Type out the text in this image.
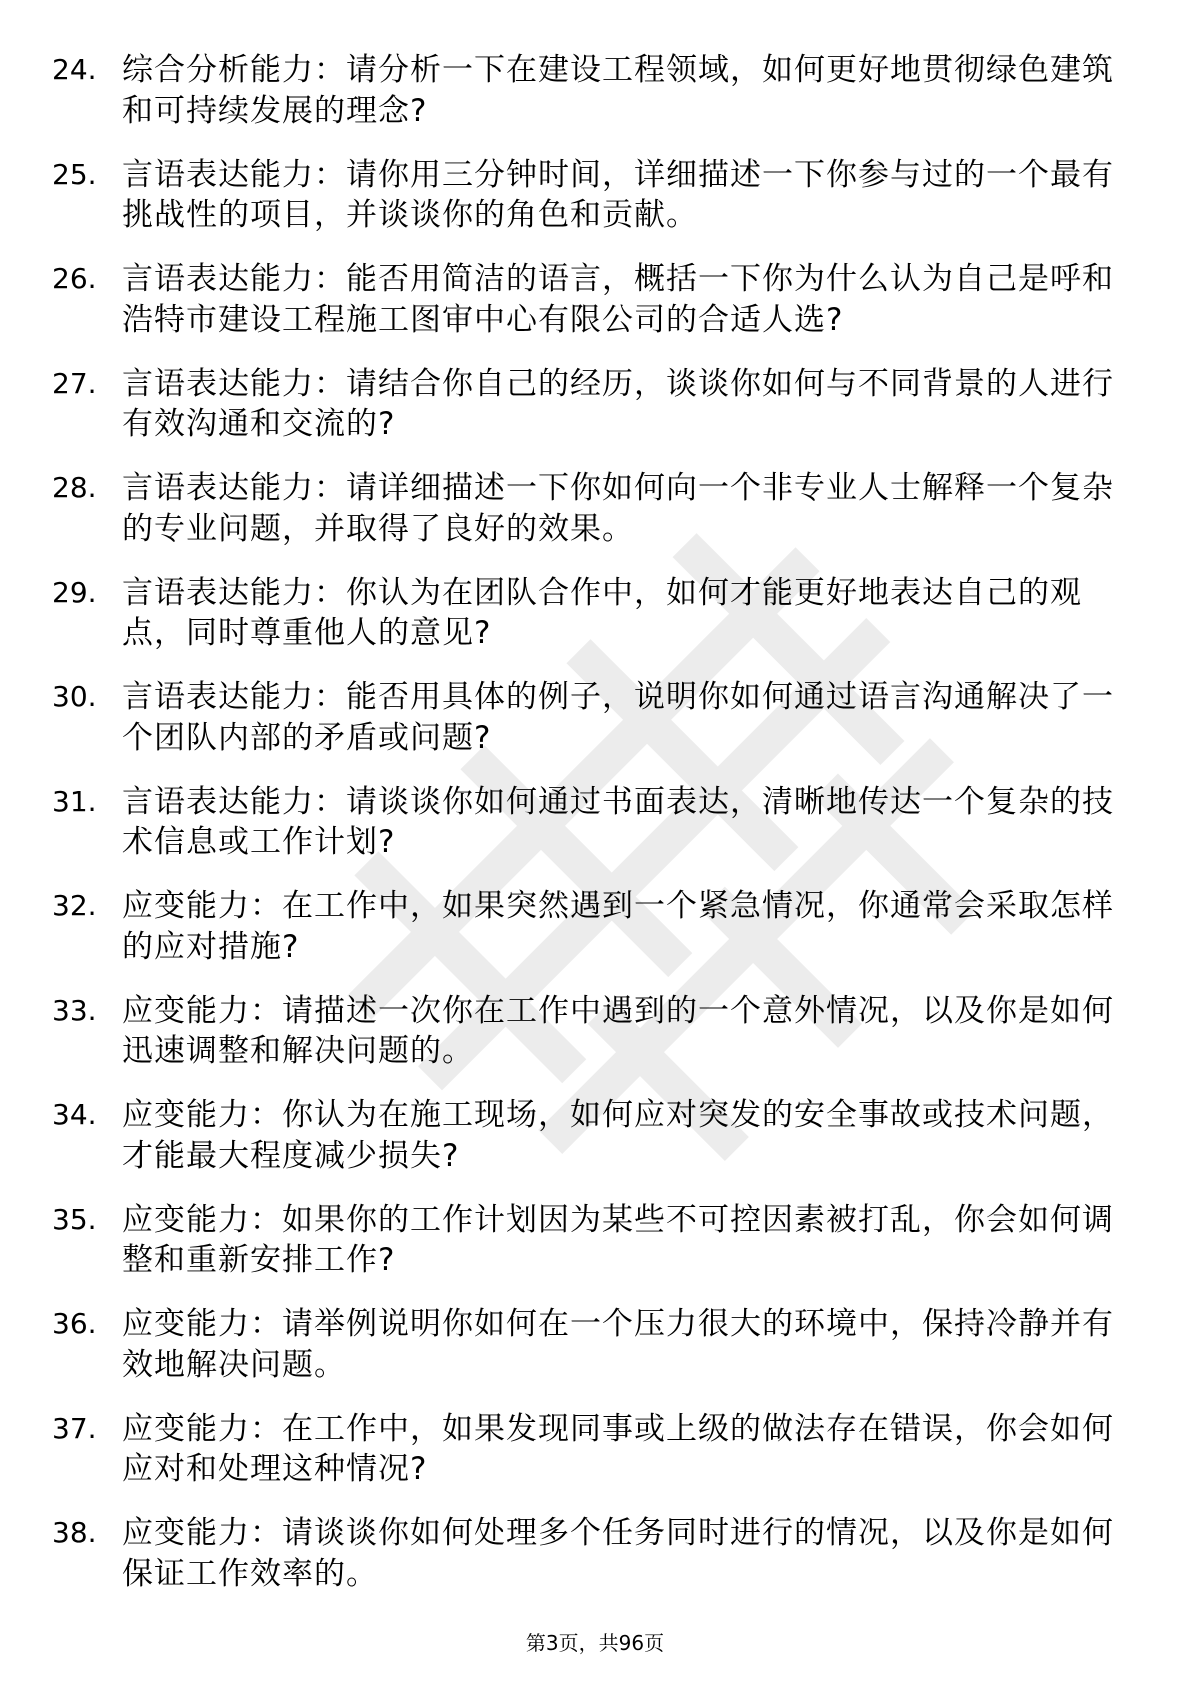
24. 综合分析能力：请分析一下在建设工程领域，如何更好地贯彻绿色建筑和可持续发展的理念?
25. 言语表达能力：请你用三分钟时间，详细描述一下你参与过的一个最有挑战性的项目，并谈谈你的角色和贡献。
26. 言语表达能力：能否用简洁的语言，概括一下你为什么认为自己是呼和浩特市建设工程施工图审中心有限公司的合适人选?
27. 言语表达能力：请结合你自己的经历，谈谈你如何与不同背景的人进行有效沟通和交流的?
28. 言语表达能力：请详细描述一下你如何向一个非专业人士解释一个复杂的专业问题，并取得了良好的效果。
29. 言语表达能力：你认为在团队合作中，如何才能更好地表达自己的观点，同时尊重他人的意见?
30. 言语表达能力：能否用具体的例子，说明你如何通过语言沟通解决了一个团队内部的矛盾或问题?
31. 言语表达能力：请谈谈你如何通过书面表达，清晰地传达一个复杂的技术信息或工作计划?
32. 应变能力：在工作中，如果突然遇到一个紧急情况，你通常会采取怎样的应对措施?
33. 应变能力：请描述一次你在工作中遇到的一个意外情况，以及你是如何迅速调整和解决问题的。
34. 应变能力：你认为在施工现场，如何应对突发的安全事故或技术问题，才能最大程度减少损失?
35. 应变能力：如果你的工作计划因为某些不可控因素被打乱，你会如何调整和重新安排工作?
36. 应变能力：请举例说明你如何在一个压力很大的环境中，保持冷静并有效地解决问题。
37. 应变能力：在工作中，如果发现同事或上级的做法存在错误，你会如何应对和处理这种情况?
38. 应变能力：请谈谈你如何处理多个任务同时进行的情况，以及你是如何保证工作效率的。
第3页，共96页
